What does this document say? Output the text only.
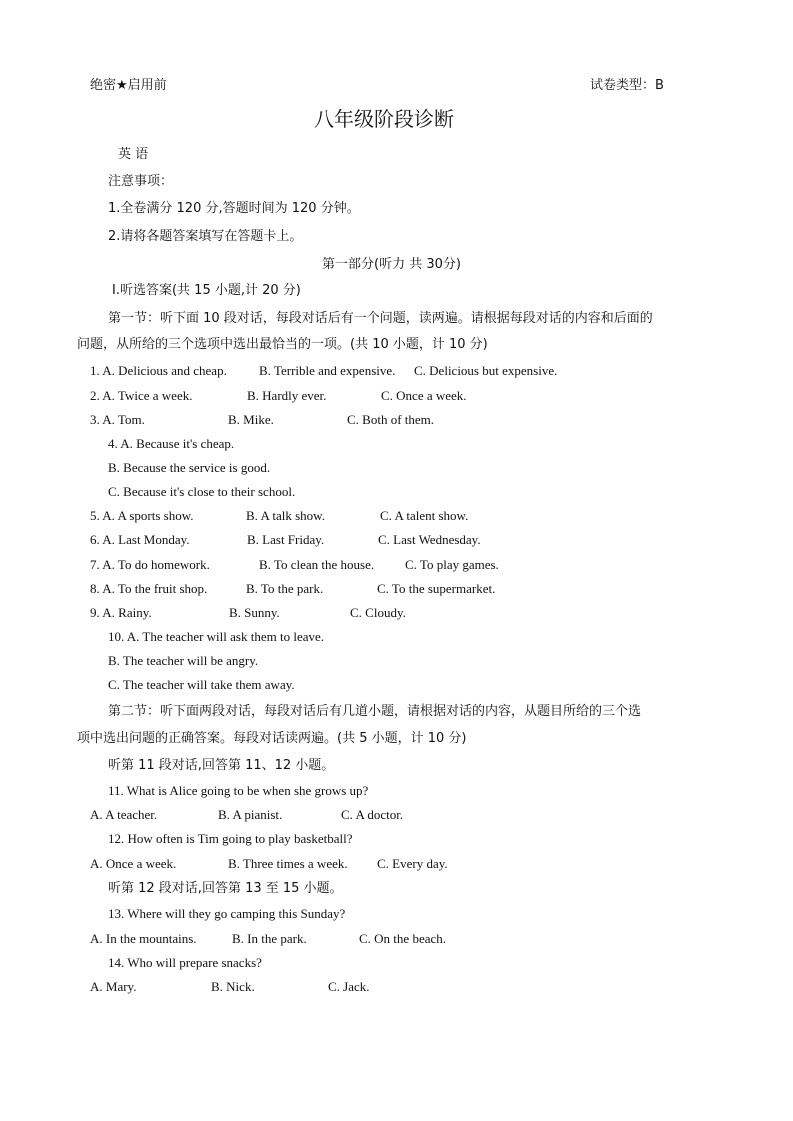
绝密★启用前	试卷类型：B
八年级阶段诊断
英 语
注意事项：
1.全卷满分 120 分,答题时间为 120 分钟。
2.请将各题答案填写在答题卡上。
第一部分(听力 共 30分)
Ⅰ.听选答案(共 15 小题,计 20 分)
第一节：听下面 10 段对话，每段对话后有一个问题，读两遍。请根据每段对话的内容和后面的
问题，从所给的三个选项中选出最恰当的一项。(共 10 小题，计 10 分)
1. A. Delicious and cheap. B. Terrible and expensive. C. Delicious but expensive.
2. A. Twice a week.	B. Hardly ever.	C. Once a week.
3. A. Tom.	B. Mike.	C. Both of them.
4. A. Because it's cheap.
B. Because the service is good.
C. Because it's close to their school.
5. A. A sports show.	B. A talk show.	C. A talent show.
6. A. Last Monday.	B. Last Friday.	C. Last Wednesday.
7. A. To do homework.	B. To clean the house. C. To play games.
8. A. To the fruit shop.	B. To the park.	C. To the supermarket.
9. A. Rainy.	B. Sunny.	C. Cloudy.
10. A. The teacher will ask them to leave.
B. The teacher will be angry.
C. The teacher will take them away.
第二节：听下面两段对话，每段对话后有几道小题，请根据对话的内容，从题目所给的三个选
项中选出问题的正确答案。每段对话读两遍。(共 5 小题，计 10 分)
听第 11 段对话,回答第 11、12 小题。
11. What is Alice going to be when she grows up?
A. A teacher.	B. A pianist.	C. A doctor.
12. How often is Tim going to play basketball?
A. Once a week.	B. Three times a week. C. Every day.
听第 12 段对话,回答第 13 至 15 小题。
13. Where will they go camping this Sunday?
A. In the mountains.	B. In the park.	C. On the beach.
14. Who will prepare snacks?
A. Mary.	B. Nick.	C. Jack.
